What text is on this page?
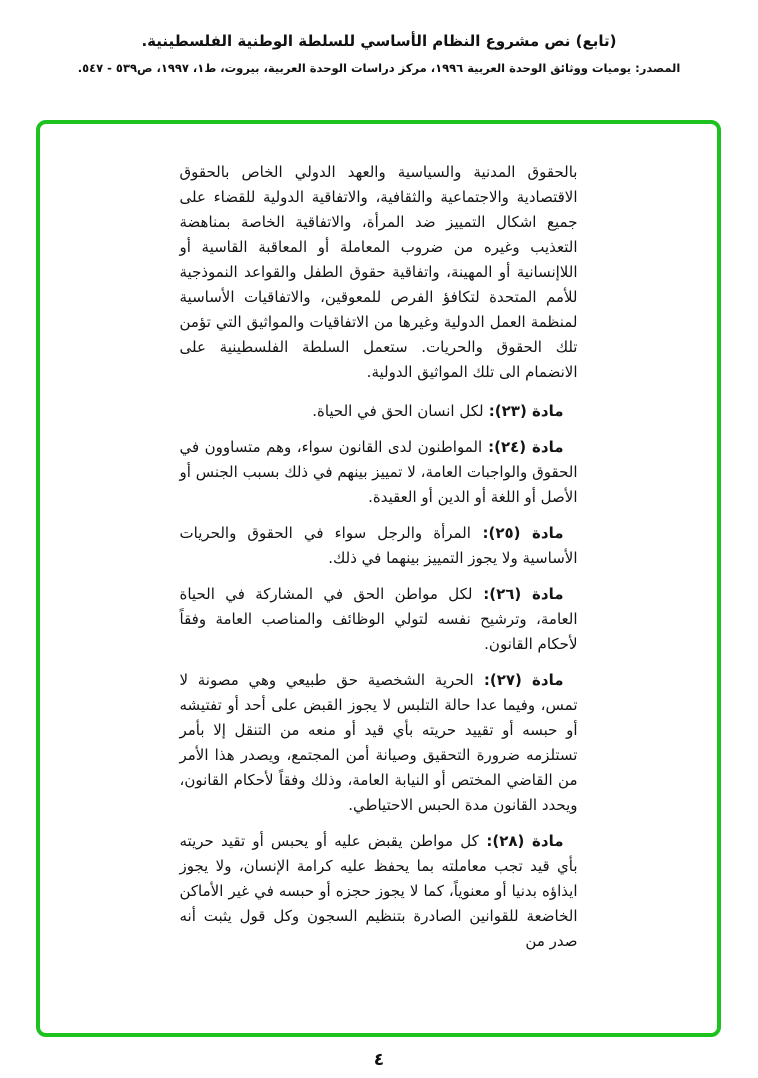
(تابع) نص مشروع النظام الأساسي للسلطة الوطنية الفلسطينية.
المصدر: يوميات ووثائق الوحدة العربية ١٩٩٦، مركز دراسات الوحدة العربية، بيروت، ط١، ١٩٩٧، ص٥٣٩ - ٥٤٧.

بالحقوق المدنية والسياسية والعهد الدولي الخاص بالحقوق الاقتصادية والاجتماعية والثقافية، والاتفاقية الدولية للقضاء على جميع اشكال التمييز ضد المرأة، والاتفاقية الخاصة بمناهضة التعذيب وغيره من ضروب المعاملة أو المعاقبة القاسية أو اللاإنسانية أو المهينة، واتفاقية حقوق الطفل والقواعد النموذجية للأمم المتحدة لتكافؤ الفرص للمعوقين، والاتفاقيات الأساسية لمنظمة العمل الدولية وغيرها من الاتفاقيات والمواثيق التي تؤمن تلك الحقوق والحريات. ستعمل السلطة الفلسطينية على الانضمام الى تلك المواثيق الدولية.

مادة (٢٣): لكل انسان الحق في الحياة.

مادة (٢٤): المواطنون لدى القانون سواء، وهم متساوون في الحقوق والواجبات العامة، لا تمييز بينهم في ذلك بسبب الجنس أو الأصل أو اللغة أو الدين أو العقيدة.

مادة (٢٥): المرأة والرجل سواء في الحقوق والحريات الأساسية ولا يجوز التمييز بينهما في ذلك.

مادة (٢٦): لكل مواطن الحق في المشاركة في الحياة العامة، وترشيح نفسه لتولي الوظائف والمناصب العامة وفقاً لأحكام القانون.

مادة (٢٧): الحرية الشخصية حق طبيعي وهي مصونة لا تمس، وفيما عدا حالة التلبس لا يجوز القبض على أحد أو تفتيشه أو حبسه أو تقييد حريته بأي قيد أو منعه من التنقل إلا بأمر تستلزمه ضرورة التحقيق وصيانة أمن المجتمع، ويصدر هذا الأمر من القاضي المختص أو النيابة العامة، وذلك وفقاً لأحكام القانون، ويحدد القانون مدة الحبس الاحتياطي.

مادة (٢٨): كل مواطن يقبض عليه أو يحبس أو تقيد حريته بأي قيد تجب معاملته بما يحفظ عليه كرامة الإنسان، ولا يجوز ايذاؤه بدنيا أو معنوياً، كما لا يجوز حجزه أو حبسه في غير الأماكن الخاضعة للقوانين الصادرة بتنظيم السجون وكل قول يثبت أنه صدر من

٤
